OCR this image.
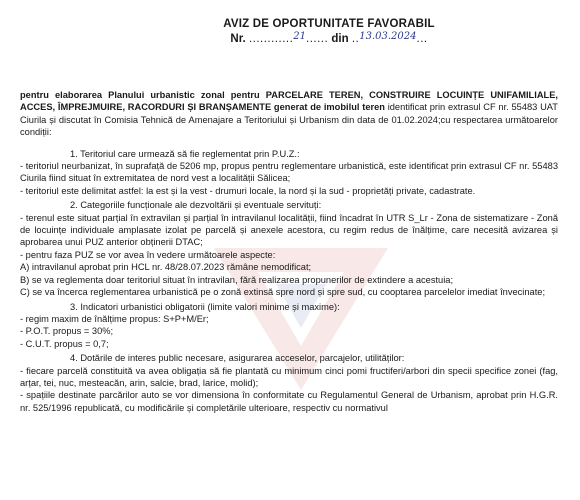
AVIZ DE OPORTUNITATE FAVORABIL

Nr. ............21...... din ..13.03.2024...

pentru elaborarea Planului urbanistic zonal pentru PARCELARE TEREN, CONSTRUIRE LOCUINȚE UNIFAMILIALE, ACCES, ÎMPREJMUIRE, RACORDURI ȘI BRANȘAMENTE generat de imobilul teren identificat prin extrasul CF nr. 55483 UAT Ciurila și discutat în Comisia Tehnică de Amenajare a Teritoriului și Urbanism din data de 01.02.2024;cu respectarea următoarelor condiții:

1. Teritoriul care urmează să fie reglementat prin P.U.Z.:

- teritoriul neurbanizat, în suprafață de 5206 mp, propus pentru reglementare urbanistică, este identificat prin extrasul CF nr. 55483 Ciurila fiind situat în extremitatea de nord vest a localității Sălicea;

- teritoriul este delimitat astfel: la est și la vest - drumuri locale, la nord și la sud - proprietăți private, cadastrate.

2. Categoriile funcționale ale dezvoltării și eventuale servituți:

- terenul este situat parțial în extravilan și parțial în intravilanul localității, fiind încadrat în UTR S_Lr - Zona de sistematizare - Zonă de locuințe individuale amplasate izolat pe parcelă și anexele acestora, cu regim redus de înălțime, care necesită avizarea și aprobarea unui PUZ anterior obținerii DTAC;

- pentru faza PUZ se vor avea în vedere următoarele aspecte:

A) intravilanul aprobat prin HCL nr. 48/28.07.2023 rămâne nemodificat;

B) se va reglementa doar teritoriul situat în intravilan, fără realizarea propunerilor de extindere a acestuia;

C) se va încerca reglementarea urbanistică pe o zonă extinsă spre nord și spre sud, cu cooptarea parcelelor imediat învecinate;

3. Indicatori urbanistici obligatorii (limite valori minime și maxime):

- regim maxim de înălțime propus: S+P+M/Er;

- P.O.T. propus = 30%;

- C.U.T. propus = 0,7;

4. Dotările de interes public necesare, asigurarea acceselor, parcajelor, utilităților:

- fiecare parcelă constituită va avea obligația să fie plantată cu minimum cinci pomi fructiferi/arbori din specii specifice zonei (fag, arțar, tei, nuc, mesteacăn, arin, salcie, brad, larice, molid);

- spațiile destinate parcărilor auto se vor dimensiona în conformitate cu Regulamentul General de Urbanism, aprobat prin H.G.R. nr. 525/1996 republicată, cu modificările și completările ulterioare, respectiv cu normativul
